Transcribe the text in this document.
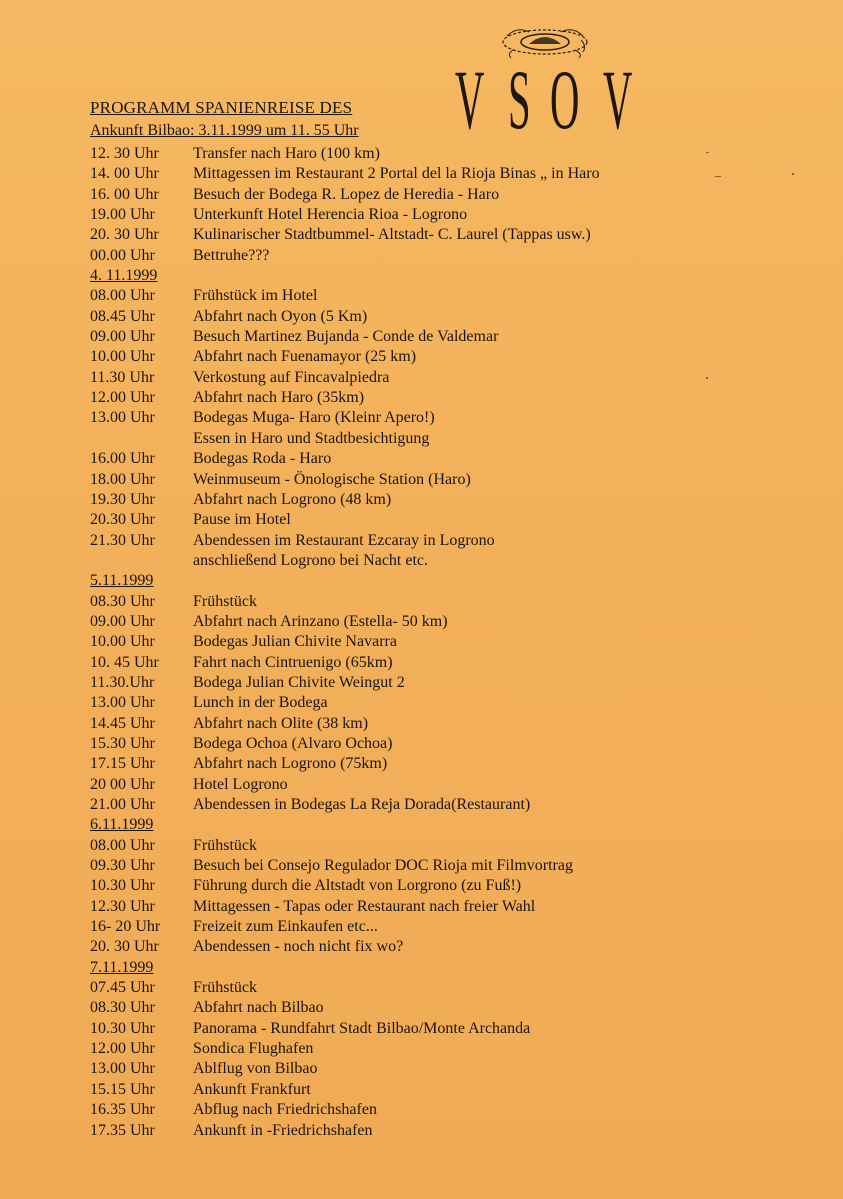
V S O V
PROGRAMM SPANIENREISE DES
Ankunft Bilbao: 3.11.1999 um 11. 55 Uhr
12. 30 Uhr Transfer nach Haro (100 km)
14. 00 Uhr Mittagessen im Restaurant 2 Portal del la Rioja Binas „ in Haro
16. 00 Uhr Besuch der Bodega R. Lopez de Heredia - Haro
19.00 Uhr Unterkunft Hotel Herencia Rioa - Logrono
20. 30 Uhr Kulinarischer Stadtbummel- Altstadt- C. Laurel (Tappas usw.)
00.00 Uhr Bettruhe???
4. 11.1999
08.00 Uhr Frühstück im Hotel
08.45 Uhr Abfahrt nach Oyon (5 Km)
09.00 Uhr Besuch Martinez Bujanda - Conde de Valdemar
10.00 Uhr Abfahrt nach Fuenamayor (25 km)
11.30 Uhr Verkostung auf Fincavalpiedra
12.00 Uhr Abfahrt nach Haro (35km)
13.00 Uhr Bodegas Muga- Haro (Kleinr Apero!)
Essen in Haro und Stadtbesichtigung
16.00 Uhr Bodegas Roda - Haro
18.00 Uhr Weinmuseum - Önologische Station (Haro)
19.30 Uhr Abfahrt nach Logrono (48 km)
20.30 Uhr Pause im Hotel
21.30 Uhr Abendessen im Restaurant Ezcaray in Logrono
anschließend Logrono bei Nacht etc.
5.11.1999
08.30 Uhr Frühstück
09.00 Uhr Abfahrt nach Arinzano (Estella- 50 km)
10.00 Uhr Bodegas Julian Chivite Navarra
10. 45 Uhr Fahrt nach Cintruenigo (65km)
11.30.Uhr Bodega Julian Chivite Weingut 2
13.00 Uhr Lunch in der Bodega
14.45 Uhr Abfahrt nach Olite (38 km)
15.30 Uhr Bodega Ochoa (Alvaro Ochoa)
17.15 Uhr Abfahrt nach Logrono (75km)
20 00 Uhr Hotel Logrono
21.00 Uhr Abendessen in Bodegas La Reja Dorada(Restaurant)
6.11.1999
08.00 Uhr Frühstück
09.30 Uhr Besuch bei Consejo Regulador DOC Rioja mit Filmvortrag
10.30 Uhr Führung durch die Altstadt von Lorgrono (zu Fuß!)
12.30 Uhr Mittagessen - Tapas oder Restaurant nach freier Wahl
16- 20 Uhr Freizeit zum Einkaufen etc...
20. 30 Uhr Abendessen - noch nicht fix wo?
7.11.1999
07.45 Uhr Frühstück
08.30 Uhr Abfahrt nach Bilbao
10.30 Uhr Panorama - Rundfahrt Stadt Bilbao/Monte Archanda
12.00 Uhr Sondica Flughafen
13.00 Uhr Ablflug von Bilbao
15.15 Uhr Ankunft Frankfurt
16.35 Uhr Abflug nach Friedrichshafen
17.35 Uhr Ankunft in -Friedrichshafen
